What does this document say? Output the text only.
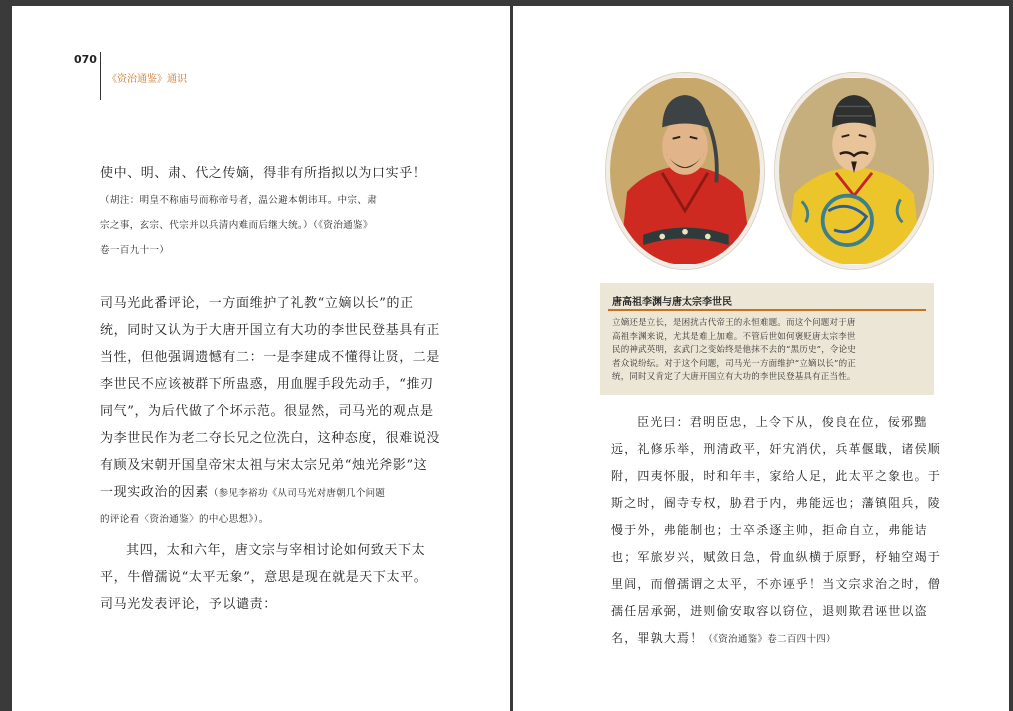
070
《资治通鉴》通识
使中、明、肃、代之传嫡，得非有所指拟以为口实乎！
（胡注：明皇不称庙号而称帝号者，温公避本朝讳耳。中宗、肃
宗之事，玄宗、代宗并以兵清内难而后继大统。）（《资治通鉴》
卷一百九十一）
司马光此番评论，一方面维护了礼教“立嫡以长”的正
统，同时又认为于大唐开国立有大功的李世民登基具有正
当性，但他强调遗憾有二：一是李建成不懂得让贤，二是
李世民不应该被群下所蛊惑，用血腥手段先动手，“推刃
同气”，为后代做了个坏示范。很显然，司马光的观点是
为李世民作为老二夺长兄之位洗白，这种态度，很难说没
有顾及宋朝开国皇帝宋太祖与宋太宗兄弟“烛光斧影”这
一现实政治的因素（参见李裕功《从司马光对唐朝几个问题
的评论看〈资治通鉴〉的中心思想》）。
其四，太和六年，唐文宗与宰相讨论如何致天下太
平，牛僧孺说“太平无象”，意思是现在就是天下太平。
司马光发表评论，予以谴责：
唐高祖李渊与唐太宗李世民
立嫡还是立长，是困扰古代帝王的永恒难题。而这个问题对于唐
高祖李渊来说，尤其是难上加难。不管后世如何褒贬唐太宗李世
民的神武英明，玄武门之变始终是他抹不去的“黑历史”，令论史
者众说纷纭。对于这个问题，司马光一方面维护“立嫡以长”的正
统，同时又肯定了大唐开国立有大功的李世民登基具有正当性。
臣光曰：君明臣忠，上令下从，俊良在位，佞邪黜
远，礼修乐举，刑清政平，奸宄消伏，兵革偃戢，诸侯顺
附，四夷怀服，时和年丰，家给人足，此太平之象也。于
斯之时，阍寺专权，胁君于内，弗能远也；藩镇阻兵，陵
慢于外，弗能制也；士卒杀逐主帅，拒命自立，弗能诘
也；军旅岁兴，赋敛日急，骨血纵横于原野，杼轴空竭于
里闾，而僧孺谓之太平，不亦诬乎！当文宗求治之时，僧
孺任居承弼，进则偷安取容以窃位，退则欺君诬世以盗
名，罪孰大焉！（《资治通鉴》卷二百四十四）
